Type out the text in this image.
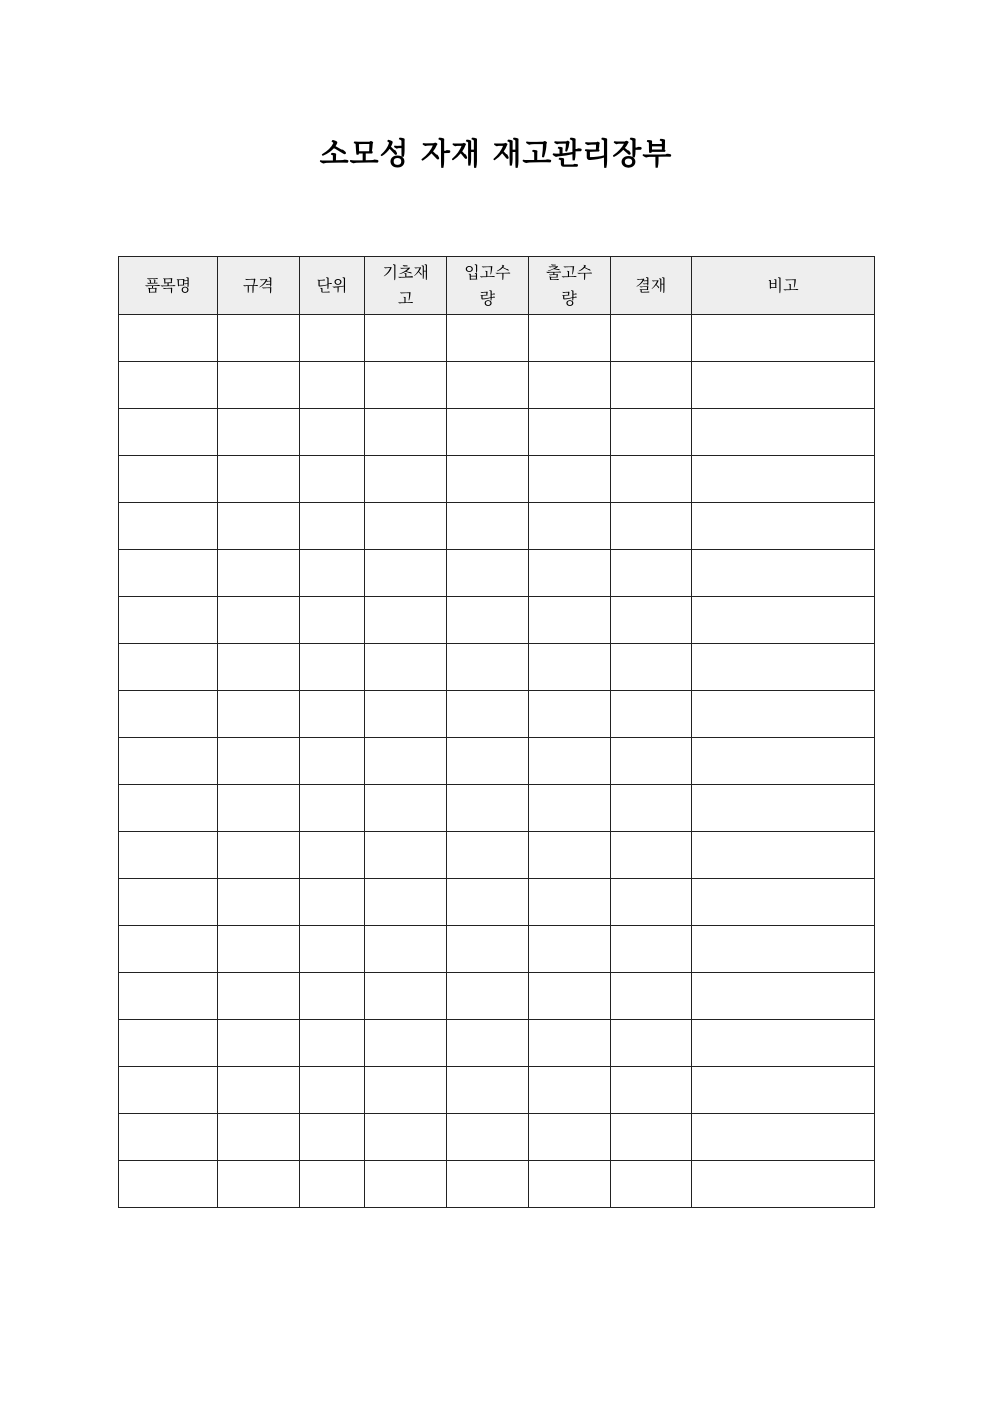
소모성 자재 재고관리장부
품목명	규격	단위	기초재고	입고수량	출고수량	결재	비고
